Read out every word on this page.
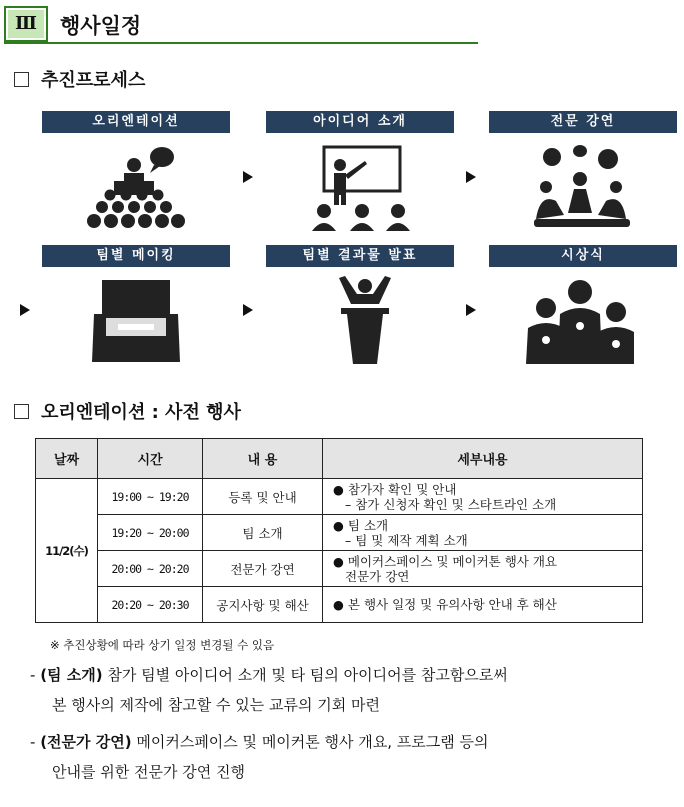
Ⅲ	행사일정
추진프로세스
오리엔테이션	아이디어 소개	전문 강연
팀별 메이킹	팀별 결과물 발표	시상식
오리엔테이션 : 사전 행사
날짜	시간	내 용	세부내용
11/2(수)	19:00 ~ 19:20	등록 및 안내	● 참가자 확인 및 안내
– 참가 신청자 확인 및 스타트라인 소개

	19:20 ~ 20:00	팀 소개	● 팀 소개
– 팀 및 제작 계획 소개

	20:00 ~ 20:20	전문가 강연	● 메이커스페이스 및 메이커톤 행사 개요
전문가 강연

	20:20 ~ 20:30	공지사항 및 해산	● 본 행사 일정 및 유의사항 안내 후 해산
※ 추진상황에 따라 상기 일정 변경될 수 있음
- (팀 소개) 참가 팀별 아이디어 소개 및 타 팀의 아이디어를 참고함으로써
본 행사의 제작에 참고할 수 있는 교류의 기회 마련
- (전문가 강연) 메이커스페이스 및 메이커톤 행사 개요, 프로그램 등의
안내를 위한 전문가 강연 진행
